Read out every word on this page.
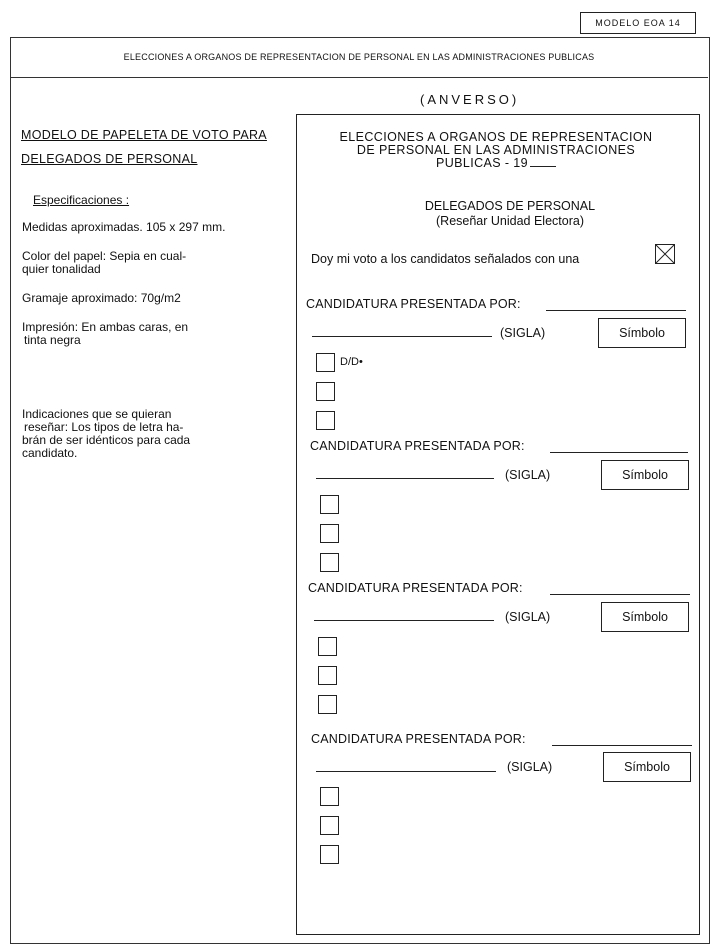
MODELO EOA 14
ELECCIONES A ORGANOS DE REPRESENTACION DE PERSONAL EN LAS ADMINISTRACIONES PUBLICAS
(ANVERSO)
MODELO DE PAPELETA DE VOTO PARA
DELEGADOS DE PERSONAL
Especificaciones :
Medidas aproximadas. 105 x 297 mm.
Color del papel: Sepia en cual-
quier tonalidad
Gramaje aproximado: 70g/m2
Impresión: En ambas caras, en
tinta negra
Indicaciones que se quieran
reseñar: Los tipos de letra ha-
brán de ser idénticos para cada
candidato.
ELECCIONES A ORGANOS DE REPRESENTACION
DE PERSONAL EN LAS ADMINISTRACIONES
PUBLICAS - 19
DELEGADOS DE PERSONAL
(Reseñar Unidad Electora)
Doy mi voto a los candidatos señalados con una
CANDIDATURA PRESENTADA POR:
(SIGLA)	Símbolo
D/D•
CANDIDATURA PRESENTADA POR:
(SIGLA)	Símbolo
CANDIDATURA PRESENTADA POR:
(SIGLA)	Símbolo
CANDIDATURA PRESENTADA POR:
(SIGLA)	Símbolo
